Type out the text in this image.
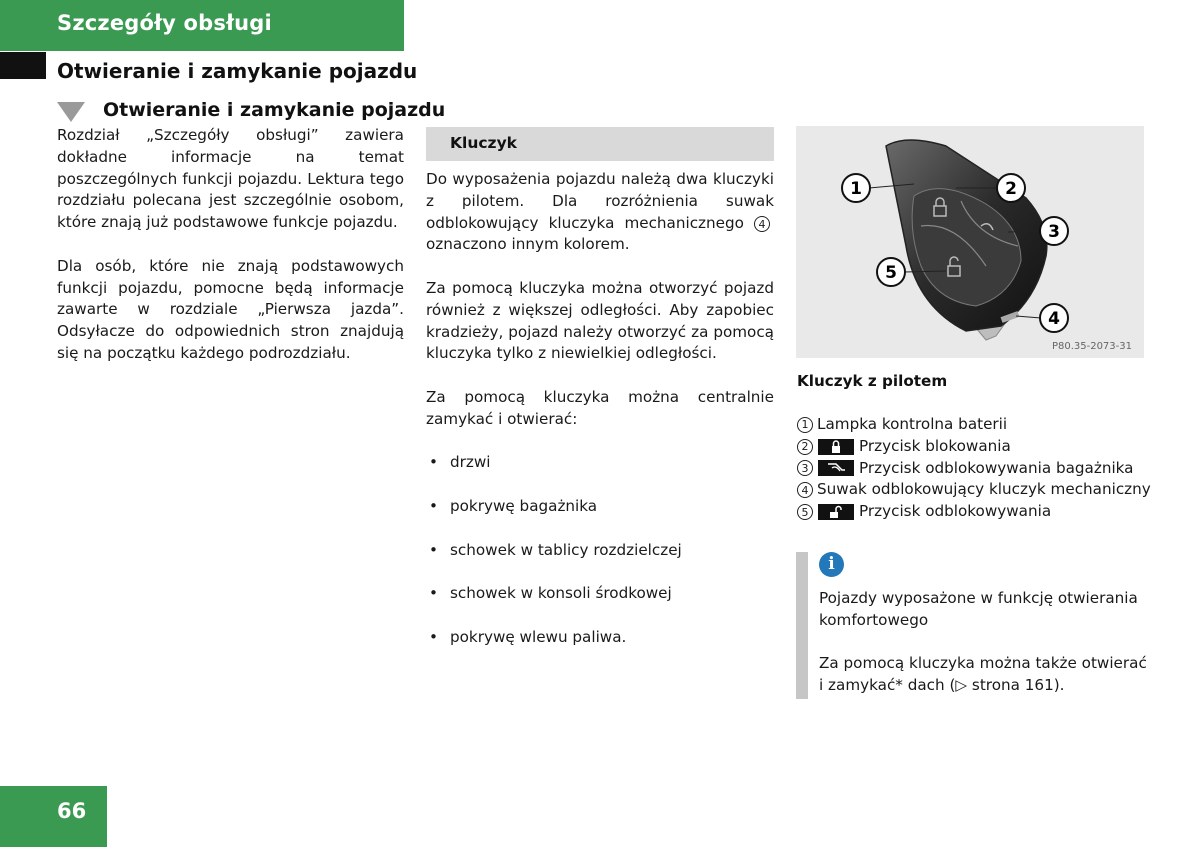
Szczegóły obsługi
Otwieranie i zamykanie pojazdu
Otwieranie i zamykanie pojazdu

Rozdział „Szczegóły obsługi” zawiera dokładne informacje na temat poszczególnych funkcji pojazdu. Lektura tego rozdziału polecana jest szczególnie osobom, które znają już podstawowe funkcje pojazdu.

Dla osób, które nie znają podstawowych funkcji pojazdu, pomocne będą informacje zawarte w rozdziale „Pierwsza jazda”. Odsyłacze do odpowiednich stron znajdują się na początku każdego podrozdziału.

Kluczyk

Do wyposażenia pojazdu należą dwa kluczyki z pilotem. Dla rozróżnienia suwak odblokowujący kluczyka mechanicznego 4 oznaczono innym kolorem.

Za pomocą kluczyka można otworzyć pojazd również z większej odległości. Aby zapobiec kradzieży, pojazd należy otworzyć za pomocą kluczyka tylko z niewielkiej odległości.

Za pomocą kluczyka można centralnie zamykać i otwierać:

• drzwi
• pokrywę bagażnika
• schowek w tablicy rozdzielczej
• schowek w konsoli środkowej
• pokrywę wlewu paliwa.
1	2
3
5
4
P80.35-2073-31
Kluczyk z pilotem
1 Lampka kontrolna baterii
2	Przycisk blokowania
3	Przycisk odblokowywania bagażnika
4 Suwak odblokowujący kluczyk mechaniczny
5	Przycisk odblokowywania
i

Pojazdy wyposażone w funkcję otwierania komfortowego

Za pomocą kluczyka można także otwierać i zamykać* dach (▷ strona 161).

66
